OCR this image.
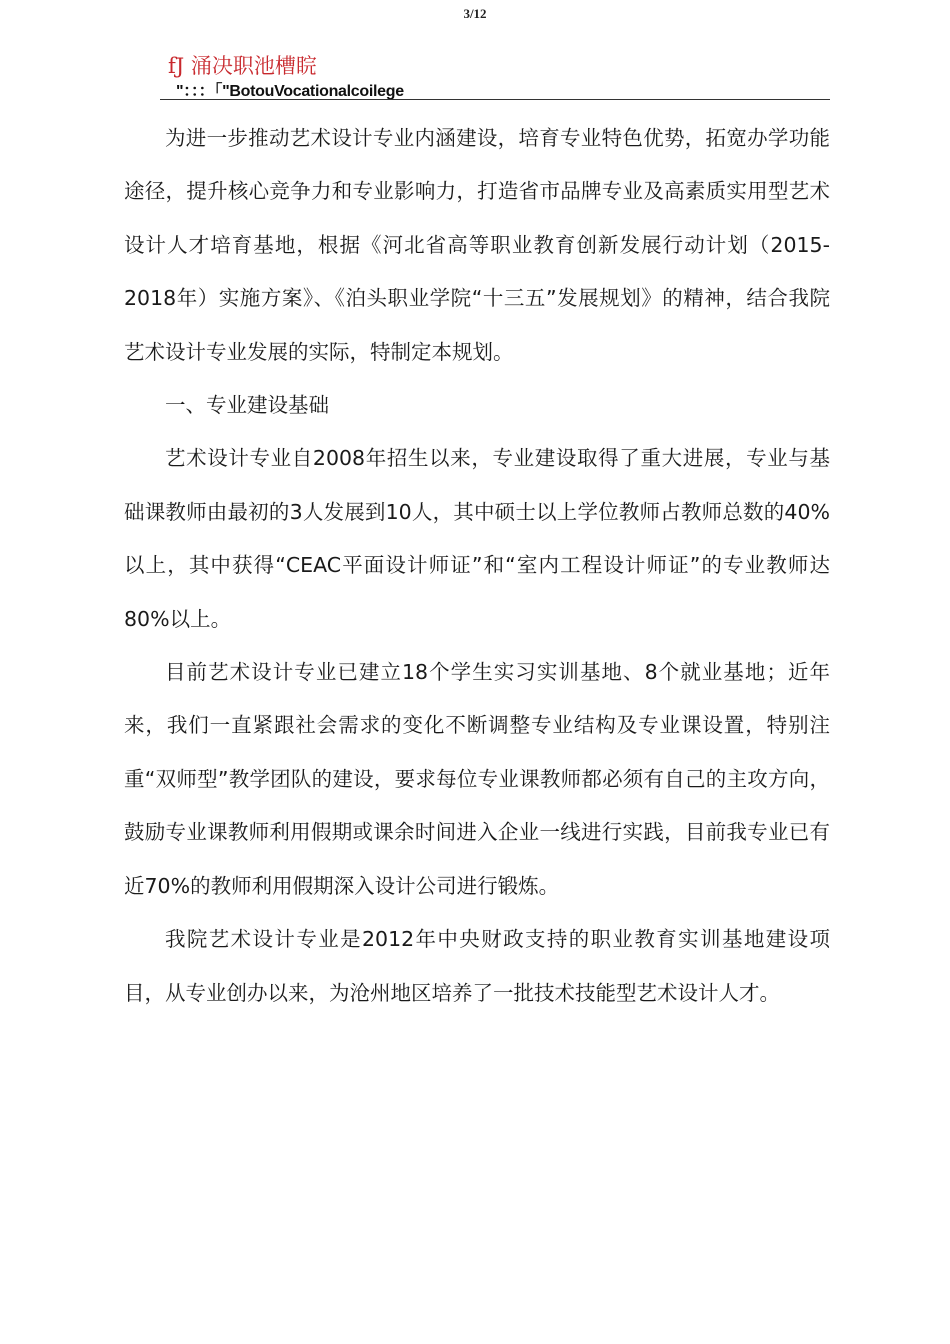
3/12
fJ 涌决职池槽睆
"：：：「"BotouVocationalcoilege

为进一步推动艺术设计专业内涵建设，培育专业特色优势，拓宽办学功能途径，提升核心竞争力和专业影响力，打造省市品牌专业及高素质实用型艺术设计人才培育基地，根据《河北省高等职业教育创新发展行动计划（2015-2018年）实施方案》、《泊头职业学院“十三五”发展规划》的精神，结合我院艺术设计专业发展的实际，特制定本规划。

一、专业建设基础

艺术设计专业自2008年招生以来，专业建设取得了重大进展，专业与基础课教师由最初的3人发展到10人，其中硕士以上学位教师占教师总数的40%以上，其中获得“CEAC平面设计师证”和“室内工程设计师证”的专业教师达80%以上。

目前艺术设计专业已建立18个学生实习实训基地、8个就业基地；近年来，我们一直紧跟社会需求的变化不断调整专业结构及专业课设置，特别注重“双师型”教学团队的建设，要求每位专业课教师都必须有自己的主攻方向，鼓励专业课教师利用假期或课余时间进入企业一线进行实践，目前我专业已有近70%的教师利用假期深入设计公司进行锻炼。

我院艺术设计专业是2012年中央财政支持的职业教育实训基地建设项目，从专业创办以来，为沧州地区培养了一批技术技能型艺术设计人才。
